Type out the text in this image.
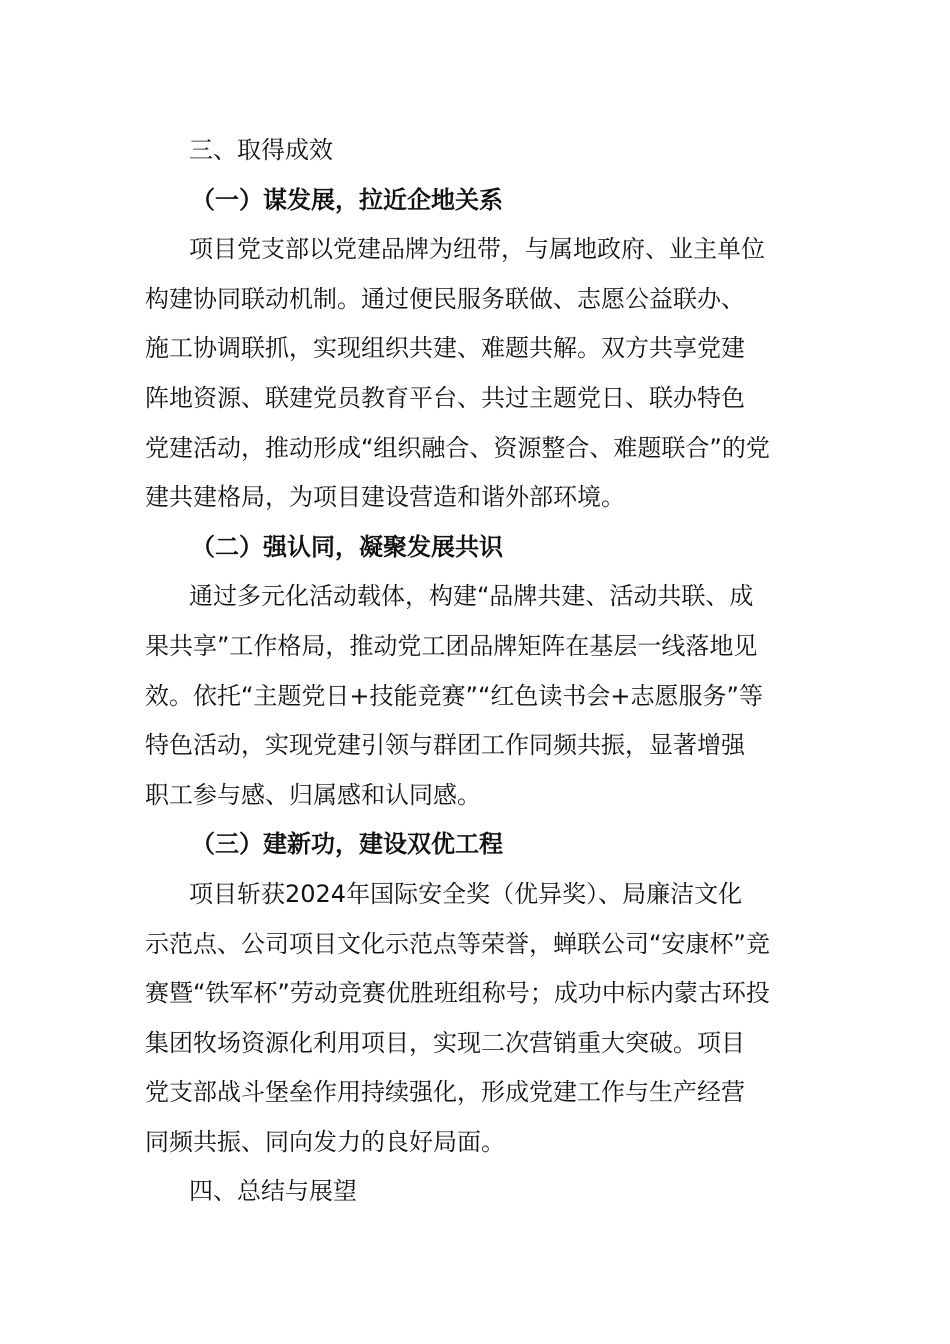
三、取得成效
（一）谋发展，拉近企地关系
项目党支部以党建品牌为纽带，与属地政府、业主单位
构建协同联动机制。通过便民服务联做、志愿公益联办、
施工协调联抓，实现组织共建、难题共解。双方共享党建
阵地资源、联建党员教育平台、共过主题党日、联办特色
党建活动，推动形成“组织融合、资源整合、难题联合”的党
建共建格局，为项目建设营造和谐外部环境。
（二）强认同，凝聚发展共识
通过多元化活动载体，构建“品牌共建、活动共联、成
果共享”工作格局，推动党工团品牌矩阵在基层一线落地见
效。依托“主题党日+技能竞赛”“红色读书会+志愿服务”等
特色活动，实现党建引领与群团工作同频共振，显著增强
职工参与感、归属感和认同感。
（三）建新功，建设双优工程
项目斩获2024年国际安全奖（优异奖）、局廉洁文化
示范点、公司项目文化示范点等荣誉，蝉联公司“安康杯”竞
赛暨“铁军杯”劳动竞赛优胜班组称号；成功中标内蒙古环投
集团牧场资源化利用项目，实现二次营销重大突破。项目
党支部战斗堡垒作用持续强化，形成党建工作与生产经营
同频共振、同向发力的良好局面。
四、总结与展望
